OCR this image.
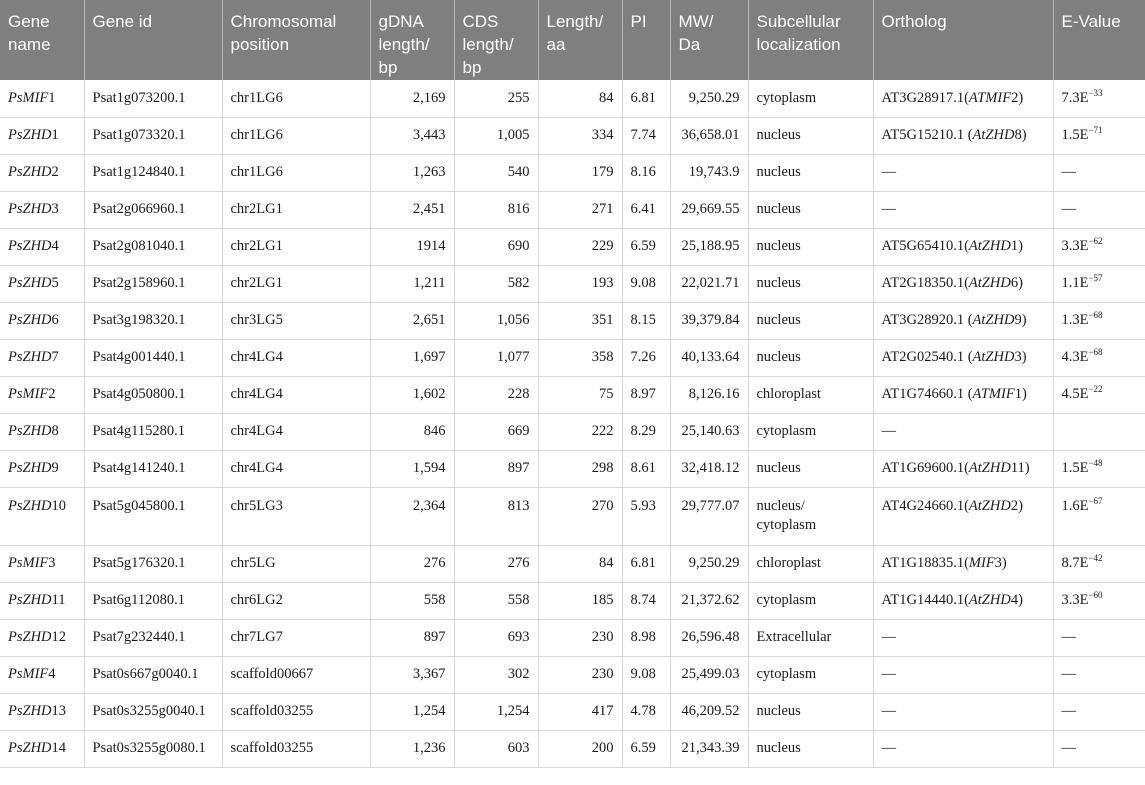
Gene name	Gene id	Chromosomal position	gDNA length/ bp	CDS length/ bp	Length/ aa	PI	MW/ Da	Subcellular localization	Ortholog	E-Value
PsMIF1	Psat1g073200.1	chr1LG6	2,169	255	84	6.81	9,250.29	cytoplasm	AT3G28917.1(ATMIF2)	$7.3E^{-33}$
PsZHD1	Psat1g073320.1	chr1LG6	3,443	1,005	334	7.74	36,658.01	nucleus	AT5G15210.1 (AtZHD8)	$1.5E^{-71}$
PsZHD2	Psat1g124840.1	chr1LG6	1,263	540	179	8.16	19,743.9	nucleus	—	—
PsZHD3	Psat2g066960.1	chr2LG1	2,451	816	271	6.41	29,669.55	nucleus	—	—
PsZHD4	Psat2g081040.1	chr2LG1	1914	690	229	6.59	25,188.95	nucleus	AT5G65410.1(AtZHD1)	$3.3E^{-62}$
PsZHD5	Psat2g158960.1	chr2LG1	1,211	582	193	9.08	22,021.71	nucleus	AT2G18350.1(AtZHD6)	$1.1E^{-57}$
PsZHD6	Psat3g198320.1	chr3LG5	2,651	1,056	351	8.15	39,379.84	nucleus	AT3G28920.1 (AtZHD9)	$1.3E^{-68}$
PsZHD7	Psat4g001440.1	chr4LG4	1,697	1,077	358	7.26	40,133.64	nucleus	AT2G02540.1 (AtZHD3)	$4.3E^{-68}$
PsMIF2	Psat4g050800.1	chr4LG4	1,602	228	75	8.97	8,126.16	chloroplast	AT1G74660.1 (ATMIF1)	$4.5E^{-22}$
PsZHD8	Psat4g115280.1	chr4LG4	846	669	222	8.29	25,140.63	cytoplasm	—	
PsZHD9	Psat4g141240.1	chr4LG4	1,594	897	298	8.61	32,418.12	nucleus	AT1G69600.1(AtZHD11)	$1.5E^{-48}$
PsZHD10	Psat5g045800.1	chr5LG3	2,364	813	270	5.93	29,777.07	nucleus/ cytoplasm	AT4G24660.1(AtZHD2)	$1.6E^{-67}$
PsMIF3	Psat5g176320.1	chr5LG	276	276	84	6.81	9,250.29	chloroplast	AT1G18835.1(MIF3)	$8.7E^{-42}$
PsZHD11	Psat6g112080.1	chr6LG2	558	558	185	8.74	21,372.62	cytoplasm	AT1G14440.1(AtZHD4)	$3.3E^{-60}$
PsZHD12	Psat7g232440.1	chr7LG7	897	693	230	8.98	26,596.48	Extracellular	—	—
PsMIF4	Psat0s667g0040.1	scaffold00667	3,367	302	230	9.08	25,499.03	cytoplasm	—	—
PsZHD13	Psat0s3255g0040.1	scaffold03255	1,254	1,254	417	4.78	46,209.52	nucleus	—	—
PsZHD14	Psat0s3255g0080.1	scaffold03255	1,236	603	200	6.59	21,343.39	nucleus	—	—
